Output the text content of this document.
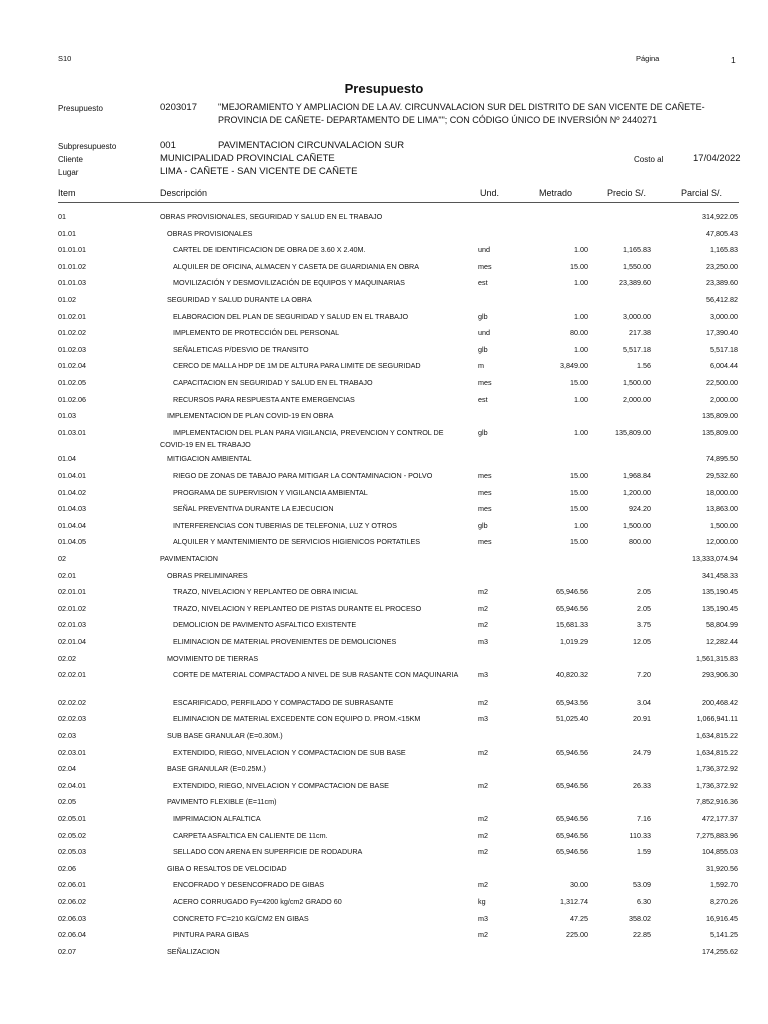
S10	Página	1
Presupuesto
Presupuesto	0203017 "MEJORAMIENTO Y AMPLIACION DE LA AV. CIRCUNVALACION SUR DEL DISTRITO DE SAN VICENTE DE CAÑETE-
PROVINCIA DE CAÑETE- DEPARTAMENTO DE LIMA""; CON CÓDIGO ÚNICO DE INVERSIÓN Nº 2440271
Subpresupuesto	001	PAVIMENTACION CIRCUNVALACION SUR
Cliente	MUNICIPALIDAD PROVINCIAL CAÑETE	Costo al	17/04/2022
Lugar	LIMA - CAÑETE - SAN VICENTE DE CAÑETE
Item	Descripción	Und.	Metrado	Precio S/.	Parcial S/.
01	OBRAS PROVISIONALES, SEGURIDAD Y SALUD EN EL TRABAJO	314,922.05
01.01	OBRAS PROVISIONALES	47,805.43
01.01.01	CARTEL DE IDENTIFICACION DE OBRA DE 3.60 X 2.40M.	und	1.00	1,165.83	1,165.83
01.01.02	ALQUILER DE OFICINA, ALMACEN Y CASETA DE GUARDIANIA EN OBRA	mes	15.00	1,550.00	23,250.00
01.01.03	MOVILIZACIÓN Y DESMOVILIZACIÓN DE EQUIPOS Y MAQUINARIAS	est	1.00	23,389.60	23,389.60
01.02	SEGURIDAD Y SALUD DURANTE LA OBRA	56,412.82
01.02.01	ELABORACION DEL PLAN DE SEGURIDAD Y SALUD EN EL TRABAJO	glb	1.00	3,000.00	3,000.00
01.02.02	IMPLEMENTO DE PROTECCIÓN DEL PERSONAL	und	80.00	217.38	17,390.40
01.02.03	SEÑALETICAS P/DESVIO DE TRANSITO	glb	1.00	5,517.18	5,517.18
01.02.04	CERCO DE MALLA HDP DE 1M DE ALTURA PARA LIMITE DE SEGURIDAD	m	3,849.00	1.56	6,004.44
01.02.05	CAPACITACION EN SEGURIDAD Y SALUD EN EL TRABAJO	mes	15.00	1,500.00	22,500.00
01.02.06	RECURSOS PARA RESPUESTA ANTE EMERGENCIAS	est	1.00	2,000.00	2,000.00
01.03	IMPLEMENTACION DE PLAN COVID-19 EN OBRA	135,809.00
01.03.01	IMPLEMENTACION DEL PLAN PARA VIGILANCIA, PREVENCION Y CONTROL DE
COVID-19 EN EL TRABAJO
glb	1.00	135,809.00	135,809.00
01.04	MITIGACION AMBIENTAL	74,895.50
01.04.01	RIEGO DE ZONAS DE TABAJO PARA MITIGAR LA CONTAMINACION - POLVO	mes	15.00	1,968.84	29,532.60
01.04.02	PROGRAMA DE SUPERVISION Y VIGILANCIA AMBIENTAL	mes	15.00	1,200.00	18,000.00
01.04.03	SEÑAL PREVENTIVA DURANTE LA EJECUCION	mes	15.00	924.20	13,863.00
01.04.04	INTERFERENCIAS CON TUBERIAS DE TELEFONIA, LUZ Y OTROS	glb	1.00	1,500.00	1,500.00
01.04.05	ALQUILER Y MANTENIMIENTO DE SERVICIOS HIGIENICOS PORTATILES	mes	15.00	800.00	12,000.00
02	PAVIMENTACION	13,333,074.94
02.01	OBRAS PRELIMINARES	341,458.33
02.01.01	TRAZO, NIVELACION Y REPLANTEO DE OBRA INICIAL	m2	65,946.56	2.05	135,190.45
02.01.02	TRAZO, NIVELACION Y REPLANTEO DE PISTAS DURANTE EL PROCESO	m2	65,946.56	2.05	135,190.45
02.01.03	DEMOLICION DE PAVIMENTO ASFALTICO EXISTENTE	m2	15,681.33	3.75	58,804.99
02.01.04	ELIMINACION DE MATERIAL PROVENIENTES DE DEMOLICIONES	m3	1,019.29	12.05	12,282.44
02.02	MOVIMIENTO DE TIERRAS	1,561,315.83
02.02.01	CORTE DE MATERIAL COMPACTADO A NIVEL DE SUB RASANTE CON MAQUINARIA	m3	40,820.32	7.20	293,906.30
02.02.02	ESCARIFICADO, PERFILADO Y COMPACTADO DE SUBRASANTE	m2	65,943.56	3.04	200,468.42
02.02.03	ELIMINACION DE MATERIAL EXCEDENTE CON EQUIPO D. PROM.<15KM	m3	51,025.40	20.91	1,066,941.11
02.03	SUB BASE GRANULAR (E=0.30M.)	1,634,815.22
02.03.01	EXTENDIDO, RIEGO, NIVELACION Y COMPACTACION DE SUB BASE	m2	65,946.56	24.79	1,634,815.22
02.04	BASE GRANULAR (E=0.25M.)	1,736,372.92
02.04.01	EXTENDIDO, RIEGO, NIVELACION Y COMPACTACION DE BASE	m2	65,946.56	26.33	1,736,372.92
02.05	PAVIMENTO FLEXIBLE (E=11cm)	7,852,916.36
02.05.01	IMPRIMACION ALFALTICA	m2	65,946.56	7.16	472,177.37
02.05.02	CARPETA ASFALTICA EN CALIENTE DE 11cm.	m2	65,946.56	110.33	7,275,883.96
02.05.03	SELLADO CON ARENA EN SUPERFICIE DE RODADURA	m2	65,946.56	1.59	104,855.03
02.06	GIBA O RESALTOS DE VELOCIDAD	31,920.56
02.06.01	ENCOFRADO Y DESENCOFRADO DE GIBAS	m2	30.00	53.09	1,592.70
02.06.02	ACERO CORRUGADO Fy=4200 kg/cm2 GRADO 60	kg	1,312.74	6.30	8,270.26
02.06.03	CONCRETO F'C=210 KG/CM2 EN GIBAS	m3	47.25	358.02	16,916.45
02.06.04	PINTURA PARA GIBAS	m2	225.00	22.85	5,141.25
02.07	SEÑALIZACION	174,255.62
